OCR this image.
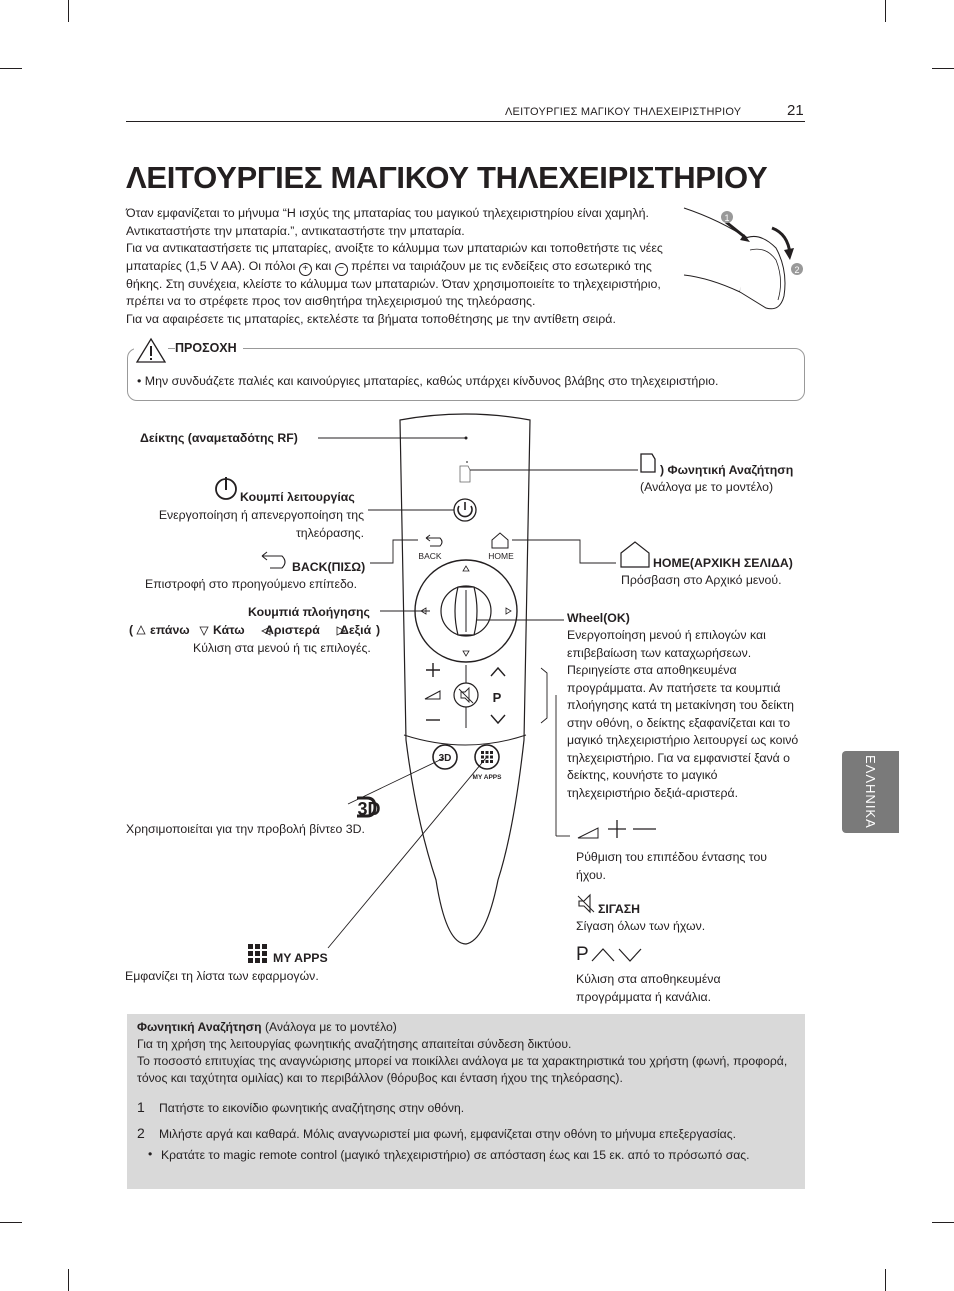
ΛΕΙΤΟΥΡΓΙΕΣ ΜΑΓΙΚΟΥ ΤΗΛΕΧΕΙΡΙΣΤΗΡΙΟΥ	21
ΛΕΙΤΟΥΡΓΙΕΣ ΜΑΓΙΚΟΥ ΤΗΛΕΧΕΙΡΙΣΤΗΡΙΟΥ

Όταν εμφανίζεται το μήνυμα “Η ισχύς της μπαταρίας του μαγικού τηλεχειριστηρίου είναι χαμηλή. Αντικαταστήστε την μπαταρία.”, αντικαταστήστε την μπαταρία.

Για να αντικαταστήσετε τις μπαταρίες, ανοίξτε το κάλυμμα των μπαταριών και τοποθετήστε τις νέες μπαταρίες (1,5 V AA). Οι πόλοι + και − πρέπει να ταιριάζουν με τις ενδείξεις στο εσωτερικό της θήκης. Στη συνέχεια, κλείστε το κάλυμμα των μπαταριών. Όταν χρησιμοποιείτε το τηλεχειριστήριο, πρέπει να το στρέφετε προς τον αισθητήρα τηλεχειρισμού της τηλεόρασης.

Για να αφαιρέσετε τις μπαταρίες, εκτελέστε τα βήματα τοποθέτησης με την αντίθετη σειρά.

1
2
ΠΡΟΣΟΧΗ
• Μην συνδυάζετε παλιές και καινούργιες μπαταρίες, καθώς υπάρχει κίνδυνος βλάβης στο τηλεχειριστήριο.
BACK	HOME
P
3D
MY APPS
3D
Δείκτης (αναμεταδότης RF)
Κουμπί λειτουργίας
Ενεργοποίηση ή απενεργοποίηση της τηλεόρασης.
BACK(ΠΙΣΩ)
Επιστροφή στο προηγούμενο επίπεδο.
Κουμπιά πλοήγησης
( επάνω Κάτω Αριστερά Δεξιά )
Κύλιση στα μενού ή τις επιλογές.
Χρησιμοποιείται για την προβολή βίντεο 3D.
MY APPS
Εμφανίζει τη λίστα των εφαρμογών.
) Φωνητική Αναζήτηση
(Ανάλογα με το μοντέλο)
HOME(ΑΡΧΙΚΗ ΣΕΛΙΔΑ)
Πρόσβαση στο Αρχικό μενού.
Wheel(OK)
Ενεργοποίηση μενού ή επιλογών και επιβεβαίωση των καταχωρήσεων. Περιηγείστε στα αποθηκευμένα προγράμματα. Αν πατήσετε τα κουμπιά πλοήγησης κατά τη μετακίνηση του δείκτη στην οθόνη, ο δείκτης εξαφανίζεται και το μαγικό τηλεχειριστήριο λειτουργεί ως κοινό τηλεχειριστήριο. Για να εμφανιστεί ξανά ο δείκτης, κουνήστε το μαγικό τηλεχειριστήριο δεξιά-αριστερά.
Ρύθμιση του επιπέδου έντασης του ήχου.
ΣΙΓΑΣΗ
Σίγαση όλων των ήχων.
P
Κύλιση στα αποθηκευμένα προγράμματα ή κανάλια.
ΕΛΛΗΝΙΚΑ

Φωνητική Αναζήτηση (Ανάλογα με το μοντέλο)

Για τη χρήση της λειτουργίας φωνητικής αναζήτησης απαιτείται σύνδεση δικτύου.

Το ποσοστό επιτυχίας της αναγνώρισης μπορεί να ποικίλλει ανάλογα με τα χαρακτηριστικά του χρήστη (φωνή, προφορά, τόνος και ταχύτητα ομιλίας) και το περιβάλλον (θόρυβος και ένταση ήχου της τηλεόρασης).

1 Πατήστε το εικονίδιο φωνητικής αναζήτησης στην οθόνη.
2 Μιλήστε αργά και καθαρά. Μόλις αναγνωριστεί μια φωνή, εμφανίζεται στην οθόνη το μήνυμα επεξεργασίας.
• Κρατάτε το magic remote control (μαγικό τηλεχειριστήριο) σε απόσταση έως και 15 εκ. από το πρόσωπό σας.
